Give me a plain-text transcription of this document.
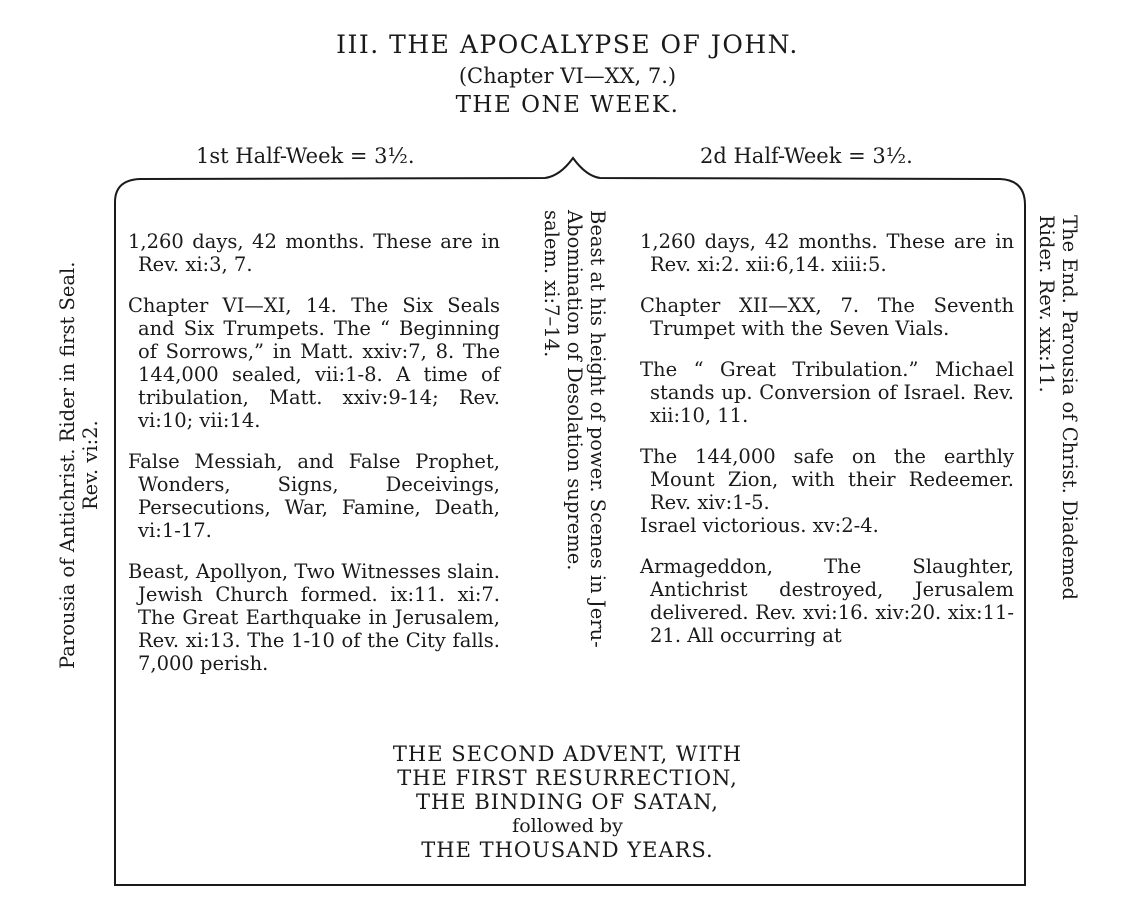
III. THE APOCALYPSE OF JOHN.
(Chapter VI—XX, 7.)
THE ONE WEEK.
1st Half-Week = 3½.	2d Half-Week = 3½.
Parousia of Antichrist. Rider in first Seal. Rev. vi:2.

1,260 days, 42 months. These are in Rev. xi:3, 7.

Chapter VI—XI, 14. The Six Seals and Six Trumpets. The “ Beginning of Sorrows,” in Matt. xxiv:7, 8. The 144,000 sealed, vii:1-8. A time of tribulation, Matt. xxiv:9-14; Rev. vi:10; vii:14.

False Messiah, and False Prophet, Wonders, Signs, Deceivings, Persecutions, War, Famine, Death, vi:1-17.

Beast, Apollyon, Two Witnesses slain. Jewish Church formed. ix:11. xi:7. The Great Earthquake in Jerusalem, Rev. xi:13. The 1-10 of the City falls. 7,000 perish.

Beast at his height of power. Scenes in Jeru-
Abomination of Desolation supreme.
salem. xi:7–14.	1,260 days, 42 months. These are in Rev. xi:2. xii:6,14. xiii:5.

Chapter XII—XX, 7. The Seventh Trumpet with the Seven Vials.

The “ Great Tribulation.” Michael stands up. Conversion of Israel. Rev. xii:10, 11.

The 144,000 safe on the earthly Mount Zion, with their Redeemer. Rev. xiv:1-5.

Israel victorious. xv:2-4.

Armageddon, The Slaughter, Antichrist destroyed, Jerusalem delivered. Rev. xvi:16. xiv:20. xix:11-21. All occurring at

The End. Parousia of Christ. Diademed
Rider. Rev. xix:11.
THE SECOND ADVENT, WITH
THE FIRST RESURRECTION,
THE BINDING OF SATAN,
followed by
THE THOUSAND YEARS.
